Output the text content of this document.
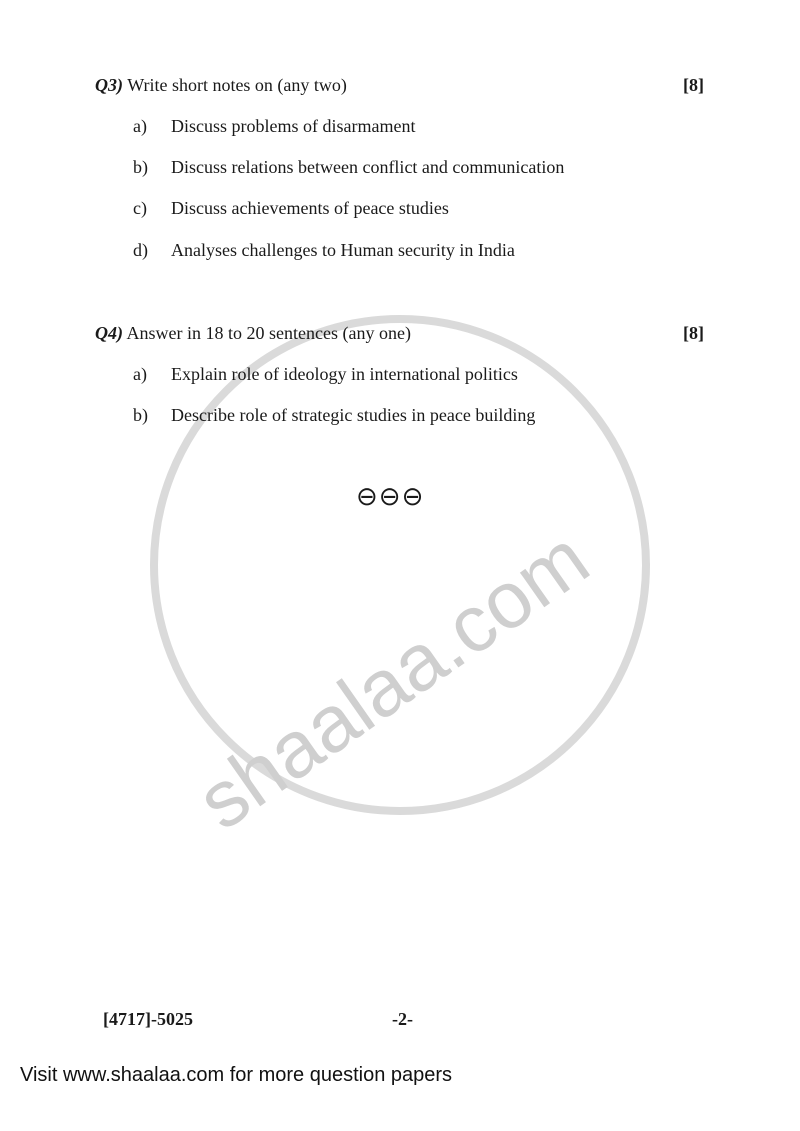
shaalaa.com
Q3) Write short notes on (any two)	[8]
a) Discuss problems of disarmament
b) Discuss relations between conflict and communication
c) Discuss achievements of peace studies
d) Analyses challenges to Human security in India
Q4) Answer in 18 to 20 sentences (any one)	[8]
a) Explain role of ideology in international politics
b) Describe role of strategic studies in peace building
⊖⊖⊖
[4717]-5025	-2-
Visit www.shaalaa.com for more question papers
